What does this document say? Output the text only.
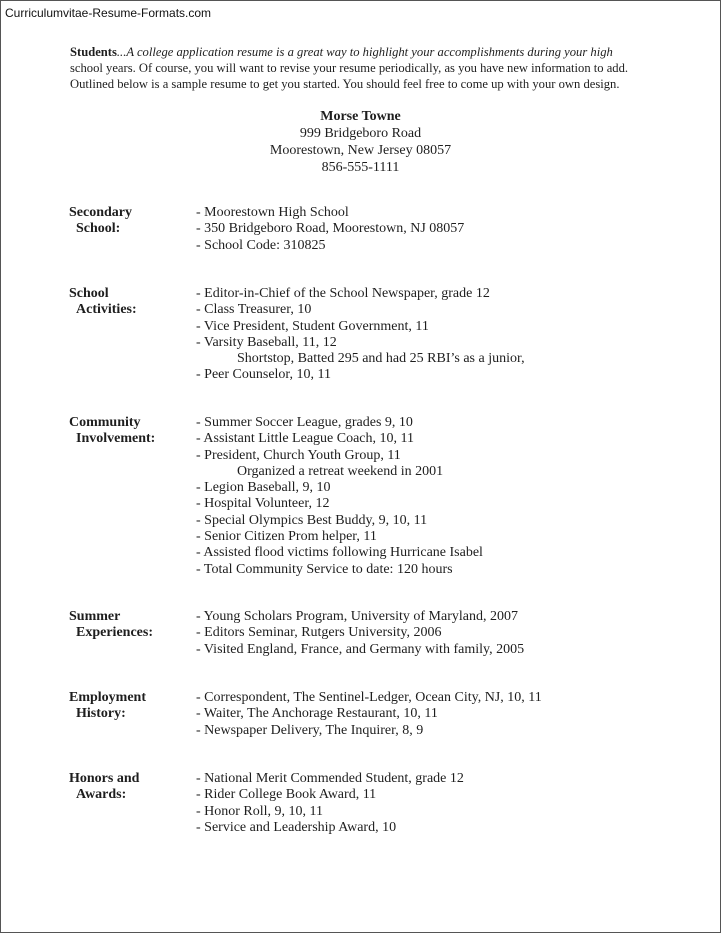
Curriculumvitae-Resume-Formats.com
Students...A college application resume is a great way to highlight your accomplishments during your high
school years. Of course, you will want to revise your resume periodically, as you have new information to add.
Outlined below is a sample resume to get you started. You should feel free to come up with your own design.
Morse Towne
999 Bridgeboro Road
Moorestown, New Jersey 08057
856-555-1111
Secondary
School:
- Moorestown High School
- 350 Bridgeboro Road, Moorestown, NJ 08057
- School Code: 310825
School
Activities:
- Editor-in-Chief of the School Newspaper, grade 12
- Class Treasurer, 10
- Vice President, Student Government, 11
- Varsity Baseball, 11, 12
Shortstop, Batted 295 and had 25 RBI’s as a junior,
- Peer Counselor, 10, 11
Community
Involvement:
- Summer Soccer League, grades 9, 10
- Assistant Little League Coach, 10, 11
- President, Church Youth Group, 11
Organized a retreat weekend in 2001
- Legion Baseball, 9, 10
- Hospital Volunteer, 12
- Special Olympics Best Buddy, 9, 10, 11
- Senior Citizen Prom helper, 11
- Assisted flood victims following Hurricane Isabel
- Total Community Service to date: 120 hours
Summer
Experiences:
- Young Scholars Program, University of Maryland, 2007
- Editors Seminar, Rutgers University, 2006
- Visited England, France, and Germany with family, 2005
Employment
History:
- Correspondent, The Sentinel-Ledger, Ocean City, NJ, 10, 11
- Waiter, The Anchorage Restaurant, 10, 11
- Newspaper Delivery, The Inquirer, 8, 9
Honors and
Awards:
- National Merit Commended Student, grade 12
- Rider College Book Award, 11
- Honor Roll, 9, 10, 11
- Service and Leadership Award, 10
